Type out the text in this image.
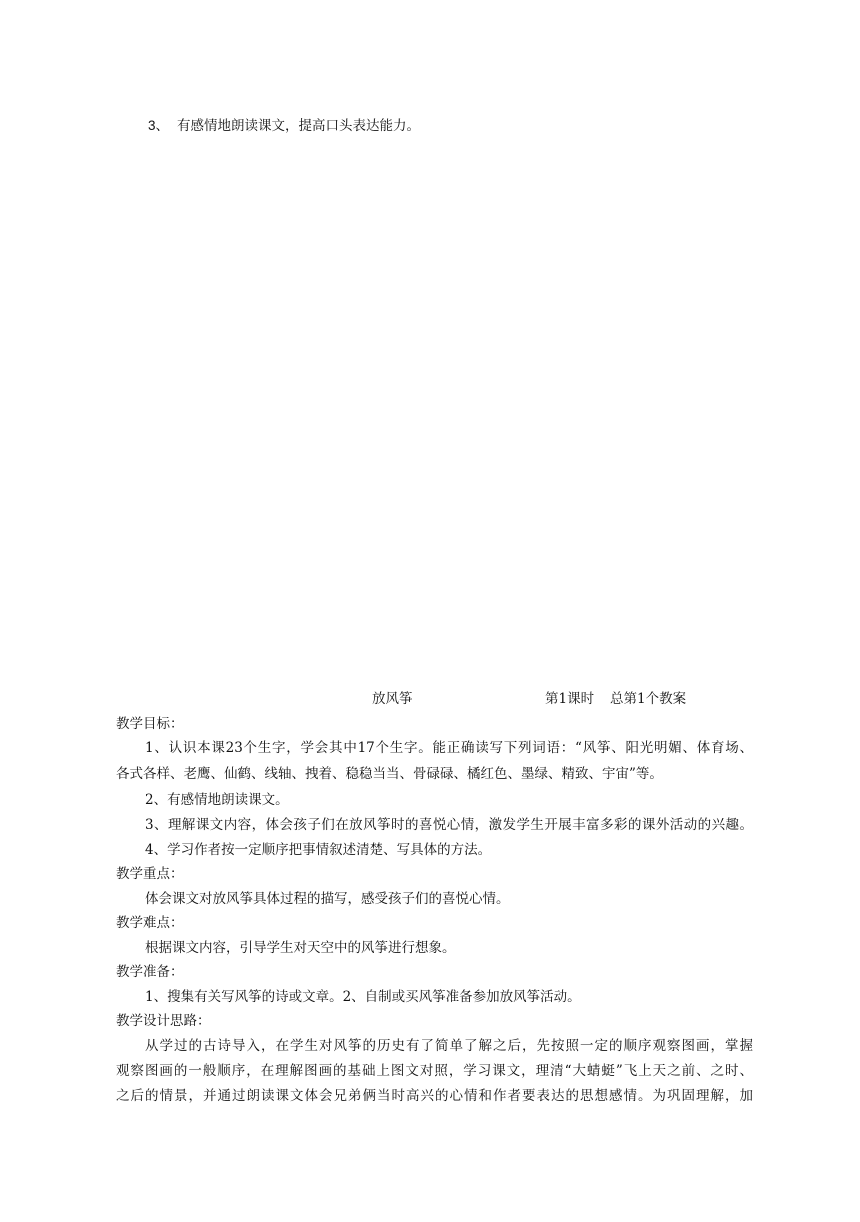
3、 有感情地朗读课文，提高口头表达能力。
放风筝	第1课时 总第1个教案
教学目标：
1、认识本课23个生字，学会其中17个生字。能正确读写下列词语：“风筝、阳光明媚、体育场、
各式各样、老鹰、仙鹤、线轴、拽着、稳稳当当、骨碌碌、橘红色、墨绿、精致、宇宙”等。
2、有感情地朗读课文。
3、理解课文内容，体会孩子们在放风筝时的喜悦心情，激发学生开展丰富多彩的课外活动的兴趣。
4、学习作者按一定顺序把事情叙述清楚、写具体的方法。
教学重点：
体会课文对放风筝具体过程的描写，感受孩子们的喜悦心情。
教学难点：
根据课文内容，引导学生对天空中的风筝进行想象。
教学准备：
1、搜集有关写风筝的诗或文章。2、自制或买风筝准备参加放风筝活动。
教学设计思路：
从学过的古诗导入，在学生对风筝的历史有了简单了解之后，先按照一定的顺序观察图画，掌握
观察图画的一般顺序，在理解图画的基础上图文对照，学习课文，理清“大蜻蜓”飞上天之前、之时、
之后的情景，并通过朗读课文体会兄弟俩当时高兴的心情和作者要表达的思想感情。为巩固理解，加
